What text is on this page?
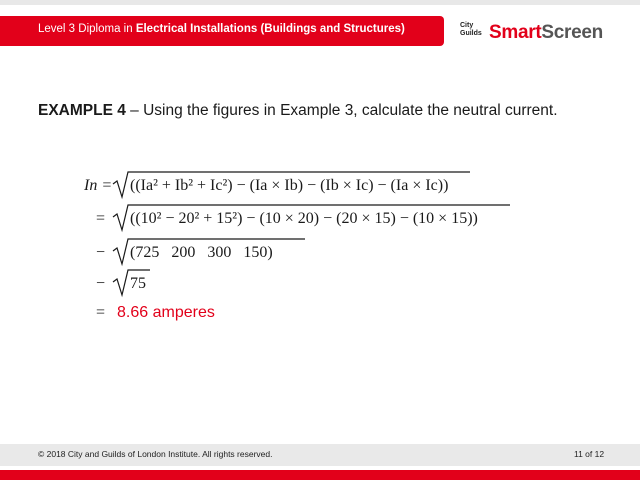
Level 3 Diploma in Electrical Installations (Buildings and Structures)	City
Guilds SmartScreen
EXAMPLE 4 – Using the figures in Example 3, calculate the neutral current.
In = ((Ia² + Ib² + Ic²) − (Ia × Ib) − (Ib × Ic) − (Ia × Ic))
= ((10² − 20² + 15²) − (10 × 20) − (20 × 15) − (10 × 15))
− (725   200   300   150)
− 75
= 8.66 amperes
© 2018 City and Guilds of London Institute. All rights reserved.	11 of 12
